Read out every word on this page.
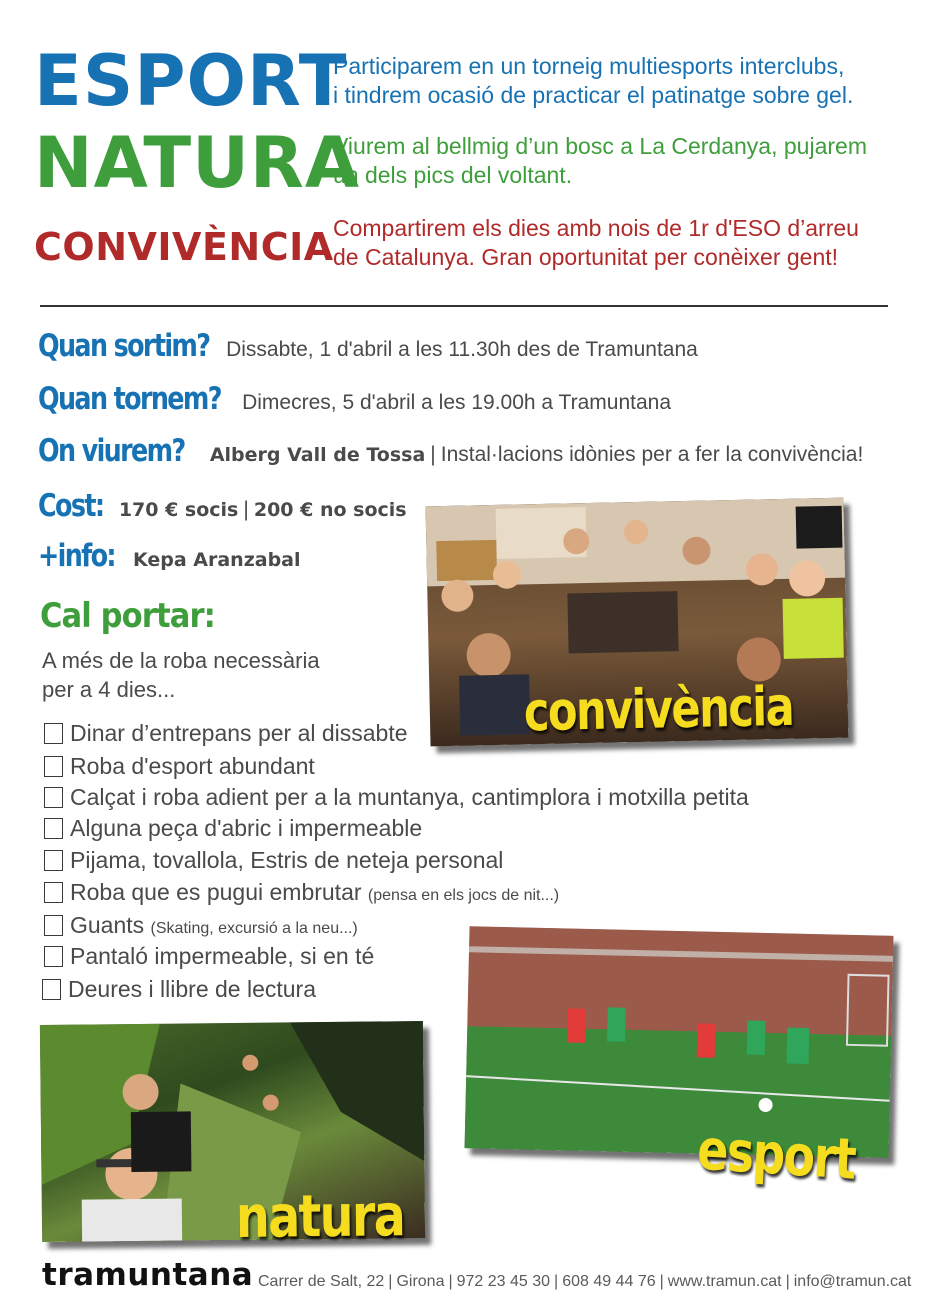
ESPORT
NATURA
CONVIVÈNCIA
Participarem en un torneig multiesports interclubs,
i tindrem ocasió de practicar el patinatge sobre gel.
Viurem al bellmig d’un bosc a La Cerdanya, pujarem
un dels pics del voltant.
Compartirem els dies amb nois de 1r d'ESO d’arreu
de Catalunya. Gran oportunitat per conèixer gent!
Quan sortim? Dissabte, 1 d'abril a les 11.30h des de Tramuntana
Quan tornem? Dimecres, 5 d'abril a les 19.00h a Tramuntana
On viurem? Alberg Vall de Tossa | Instal·lacions idònies per a fer la convivència!
Cost: 170 € socis | 200 € no socis
+info: Kepa Aranzabal
Cal portar:
A més de la roba necessària
per a 4 dies...
Dinar d’entrepans per al dissabte
Roba d'esport abundant
Calçat i roba adient per a la muntanya, cantimplora i motxilla petita
Alguna peça d'abric i impermeable
Pijama, tovallola, Estris de neteja personal
Roba que es pugui embrutar (pensa en els jocs de nit...)
Guants (Skating, excursió a la neu...)
Pantaló impermeable, si en té
Deures i llibre de lectura
convivència
esport
natura
tramuntana Carrer de Salt, 22 | Girona | 972 23 45 30 | 608 49 44 76 | www.tramun.cat | info@tramun.cat
